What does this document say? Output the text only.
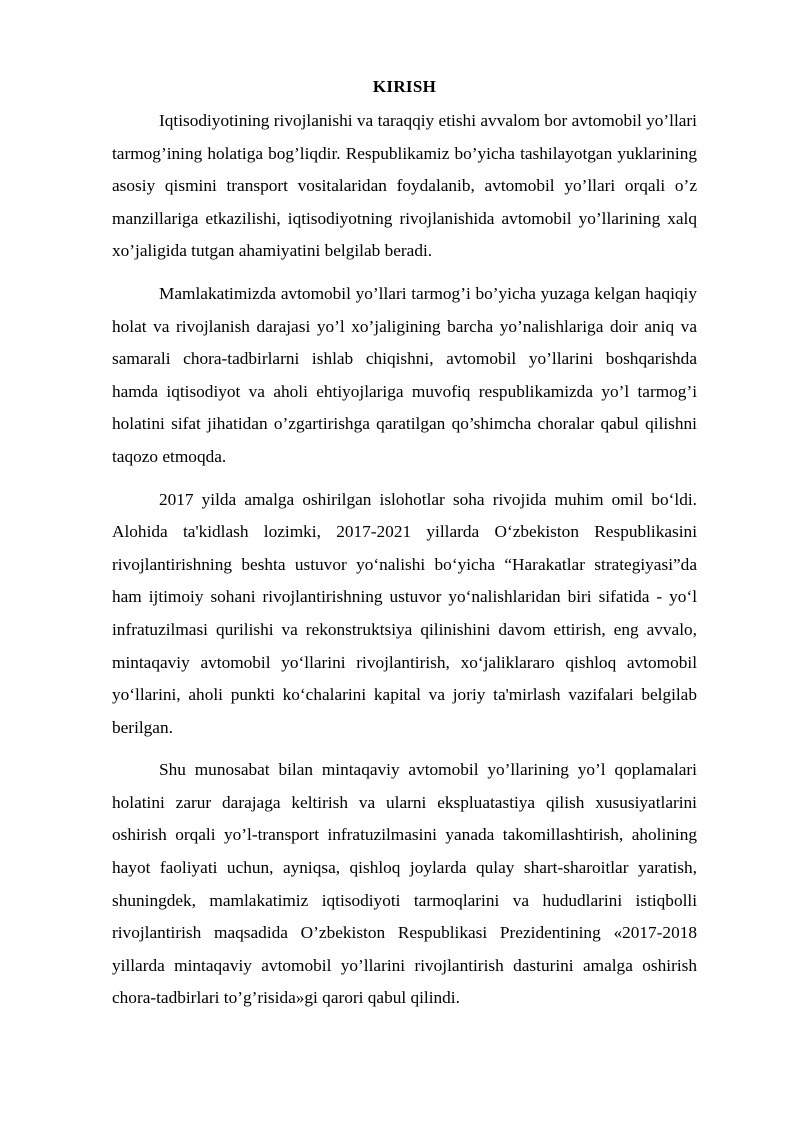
KIRISH

Iqtisodiyotining rivojlanishi va taraqqiy etishi avvalom bor avtomobil yo’llari tarmog’ining holatiga bog’liqdir. Respublikamiz bo’yicha tashilayotgan yuklarining asosiy qismini transport vositalaridan foydalanib, avtomobil yo’llari orqali o’z manzillariga etkazilishi, iqtisodiyotning rivojlanishida avtomobil yo’llarining xalq xo’jaligida tutgan ahamiyatini belgilab beradi.

Mamlakatimizda avtomobil yo’llari tarmog’i bo’yicha yuzaga kelgan haqiqiy holat va rivojlanish darajasi yo’l xo’jaligining barcha yo’nalishlariga doir aniq va samarali chora-tadbirlarni ishlab chiqishni, avtomobil yo’llarini boshqarishda hamda iqtisodiyot va aholi ehtiyojlariga muvofiq respublikamizda yo’l tarmog’i holatini sifat jihatidan o’zgartirishga qaratilgan qo’shimcha choralar qabul qilishni taqozo etmoqda.

2017 yilda amalga oshirilgan islohotlar soha rivojida muhim omil bo‘ldi. Alohida ta'kidlash lozimki, 2017-2021 yillarda O‘zbekiston Respublikasini rivojlantirishning beshta ustuvor yo‘nalishi bo‘yicha “Harakatlar strategiyasi”da ham ijtimoiy sohani rivojlantirishning ustuvor yo‘nalishlaridan biri sifatida - yo‘l infratuzilmasi qurilishi va rekonstruktsiya qilinishini davom ettirish, eng avvalo, mintaqaviy avtomobil yo‘llarini rivojlantirish, xo‘jaliklararo qishloq avtomobil yo‘llarini, aholi punkti ko‘chalarini kapital va joriy ta'mirlash vazifalari belgilab berilgan.

Shu munosabat bilan mintaqaviy avtomobil yo’llarining yo’l qoplamalari holatini zarur darajaga keltirish va ularni ekspluatastiya qilish xususiyatlarini oshirish orqali yo’l-transport infratuzilmasini yanada takomillashtirish, aholining hayot faoliyati uchun, ayniqsa, qishloq joylarda qulay shart-sharoitlar yaratish, shuningdek, mamlakatimiz iqtisodiyoti tarmoqlarini va hududlarini istiqbolli rivojlantirish maqsadida O’zbekiston Respublikasi Prezidentining «2017-2018 yillarda mintaqaviy avtomobil yo’llarini rivojlantirish dasturini amalga oshirish chora-tadbirlari to’g’risida»gi qarori qabul qilindi.
